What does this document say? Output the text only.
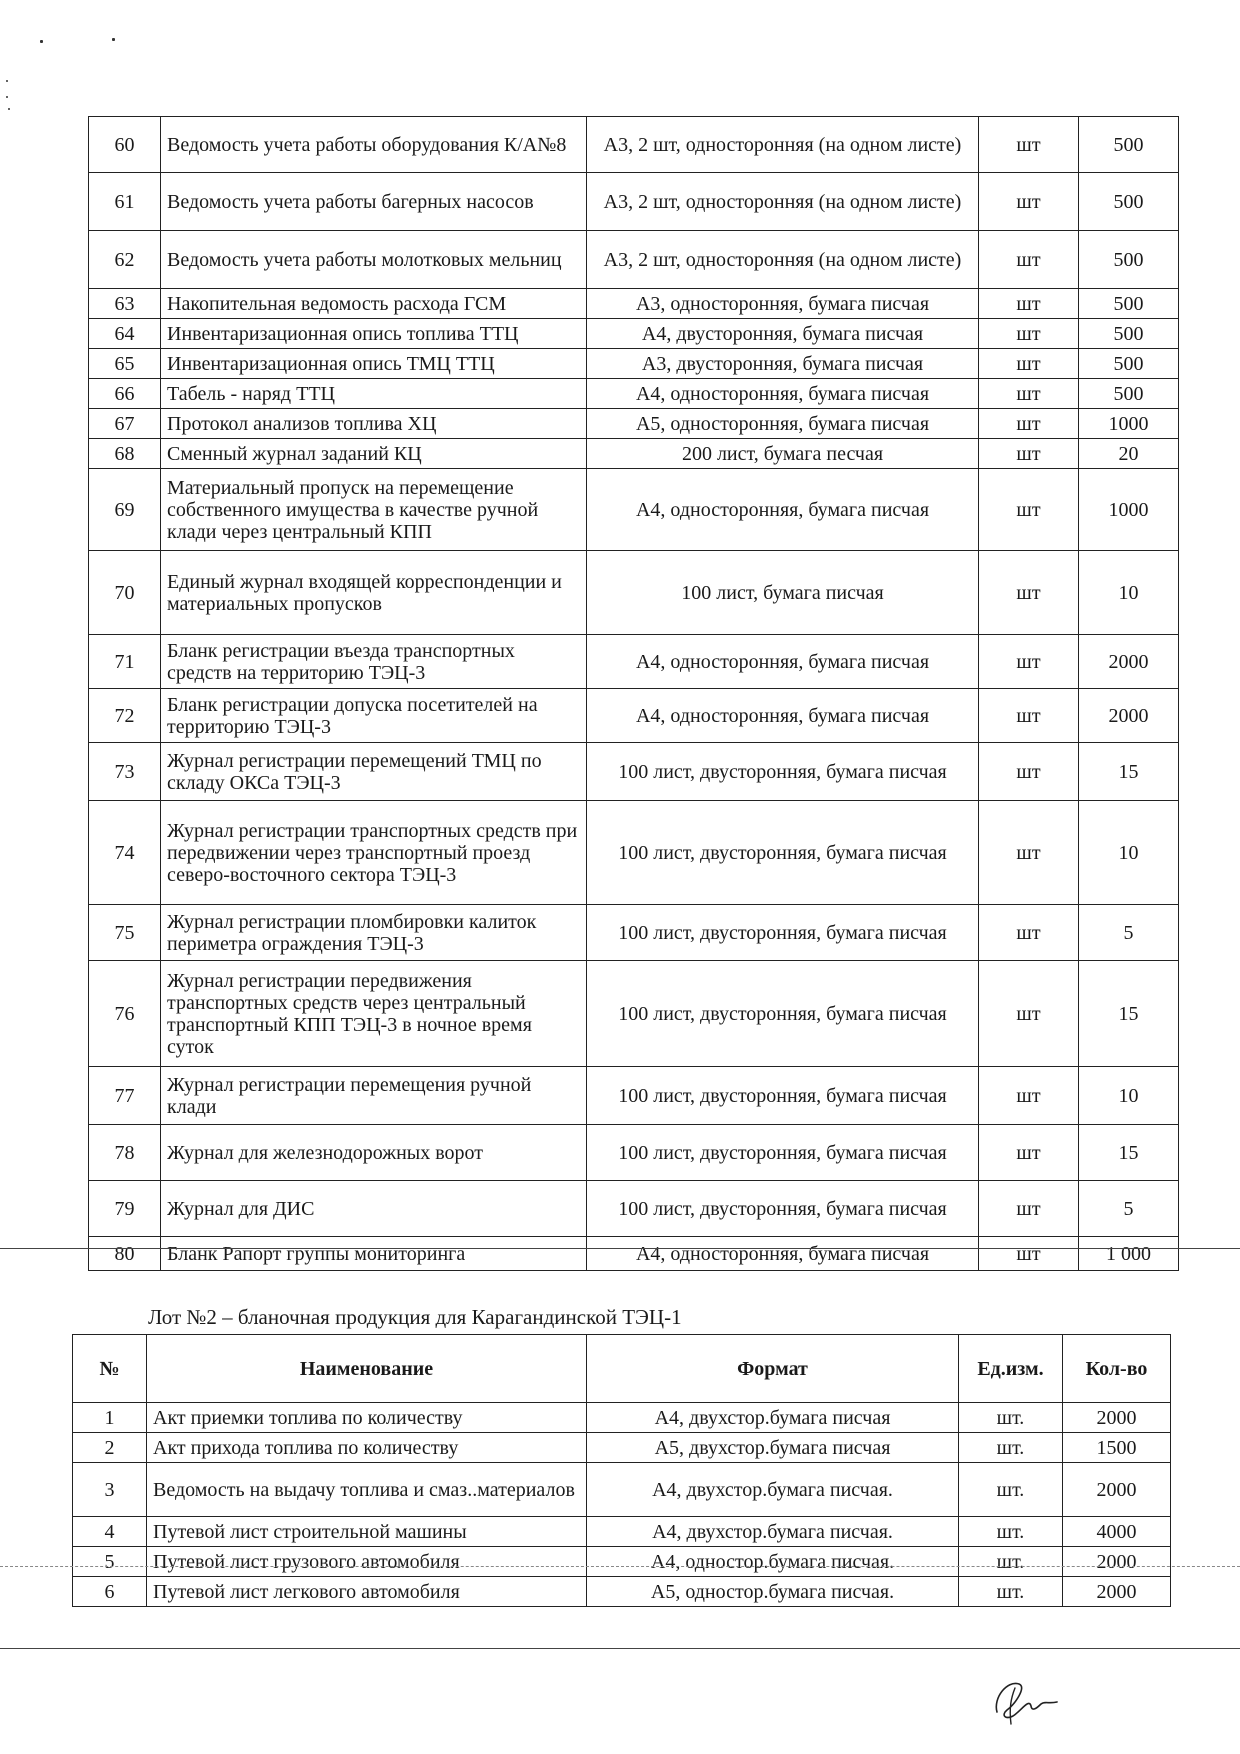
60	Ведомость учета работы оборудования К/А№8	А3, 2 шт, односторонняя (на одном листе)	шт	500
61	Ведомость учета работы багерных насосов	А3, 2 шт, односторонняя (на одном листе)	шт	500
62	Ведомость учета работы молотковых мельниц	А3, 2 шт, односторонняя (на одном листе)	шт	500
63	Накопительная ведомость расхода ГСМ	А3, односторонняя, бумага писчая	шт	500
64	Инвентаризационная опись топлива ТТЦ	А4, двусторонняя, бумага писчая	шт	500
65	Инвентаризационная опись ТМЦ ТТЦ	А3, двусторонняя, бумага писчая	шт	500
66	Табель - наряд ТТЦ	А4, односторонняя, бумага писчая	шт	500
67	Протокол анализов топлива ХЦ	А5, односторонняя, бумага писчая	шт	1000
68	Сменный журнал заданий КЦ	200 лист, бумага песчая	шт	20
69	Материальный пропуск на перемещение собственного имущества в качестве ручной клади через центральный КПП	А4, односторонняя, бумага писчая	шт	1000
70	Единый журнал входящей корреспонденции и материальных пропусков	100 лист, бумага писчая	шт	10
71	Бланк регистрации въезда транспортных средств на территорию ТЭЦ-3	А4, односторонняя, бумага писчая	шт	2000
72	Бланк регистрации допуска посетителей на территорию ТЭЦ-3	А4, односторонняя, бумага писчая	шт	2000
73	Журнал регистрации перемещений ТМЦ по складу ОКСа ТЭЦ-3	100 лист, двусторонняя, бумага писчая	шт	15
74	Журнал регистрации транспортных средств при передвижении через транспортный проезд северо-восточного сектора ТЭЦ-3	100 лист, двусторонняя, бумага писчая	шт	10
75	Журнал регистрации пломбировки калиток периметра ограждения ТЭЦ-3	100 лист, двусторонняя, бумага писчая	шт	5
76	Журнал регистрации передвижения транспортных средств через центральный транспортный КПП ТЭЦ-3 в ночное время суток	100 лист, двусторонняя, бумага писчая	шт	15
77	Журнал регистрации перемещения ручной клади	100 лист, двусторонняя, бумага писчая	шт	10
78	Журнал для железнодорожных ворот	100 лист, двусторонняя, бумага писчая	шт	15
79	Журнал для ДИС	100 лист, двусторонняя, бумага писчая	шт	5
80	Бланк Рапорт группы мониторинга	А4, односторонняя, бумага писчая	шт	1 000
Лот №2 – бланочная продукция для Карагандинской ТЭЦ-1
№	Наименование	Формат	Ед.изм.	Кол-во
1	Акт приемки топлива по количеству	А4, двухстор.бумага писчая	шт.	2000
2	Акт прихода топлива по количеству	А5, двухстор.бумага писчая	шт.	1500
3	Ведомость на выдачу топлива и смаз..материалов	А4, двухстор.бумага писчая.	шт.	2000
4	Путевой лист строительной машины	А4, двухстор.бумага писчая.	шт.	4000
5	Путевой лист грузового автомобиля	А4, одностор.бумага писчая.	шт.	2000
6	Путевой лист легкового автомобиля	А5, одностор.бумага писчая.	шт.	2000
